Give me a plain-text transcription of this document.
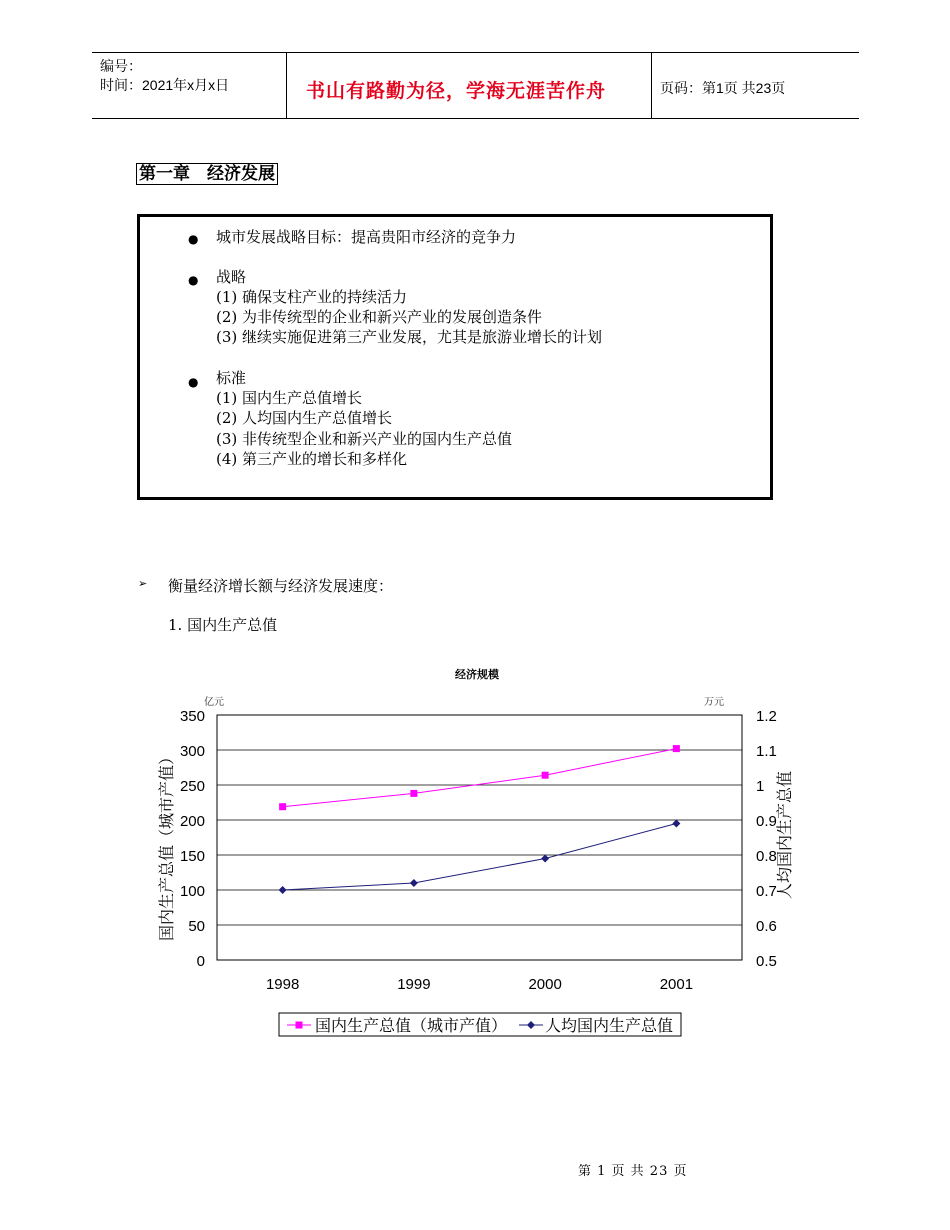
编号：
时间：2021年x月x日	书山有路勤为径，学海无涯苦作舟	页码：第1页 共23页
第一章　经济发展
● 城市发展战略目标：提高贵阳市经济的竞争力
● 战略
(1) 确保支柱产业的持续活力
(2) 为非传统型的企业和新兴产业的发展创造条件
(3) 继续实施促进第三产业发展，尤其是旅游业增长的计划
● 标准
(1) 国内生产总值增长
(2) 人均国内生产总值增长
(3) 非传统型企业和新兴产业的国内生产总值
(4) 第三产业的增长和多样化
➢ 衡量经济增长额与经济发展速度：
1. 国内生产总值
经济规模
亿元	万元
0
50
100
150
200
250
300
350
0.5
0.6
0.7
0.8
0.9
1
1.1
1.2
1998	1999	2000	2001
国内生产总值（城市产值）	人均国内生产总值
国内生产总值（城市产值） 人均国内生产总值
第 1 页 共 23 页
